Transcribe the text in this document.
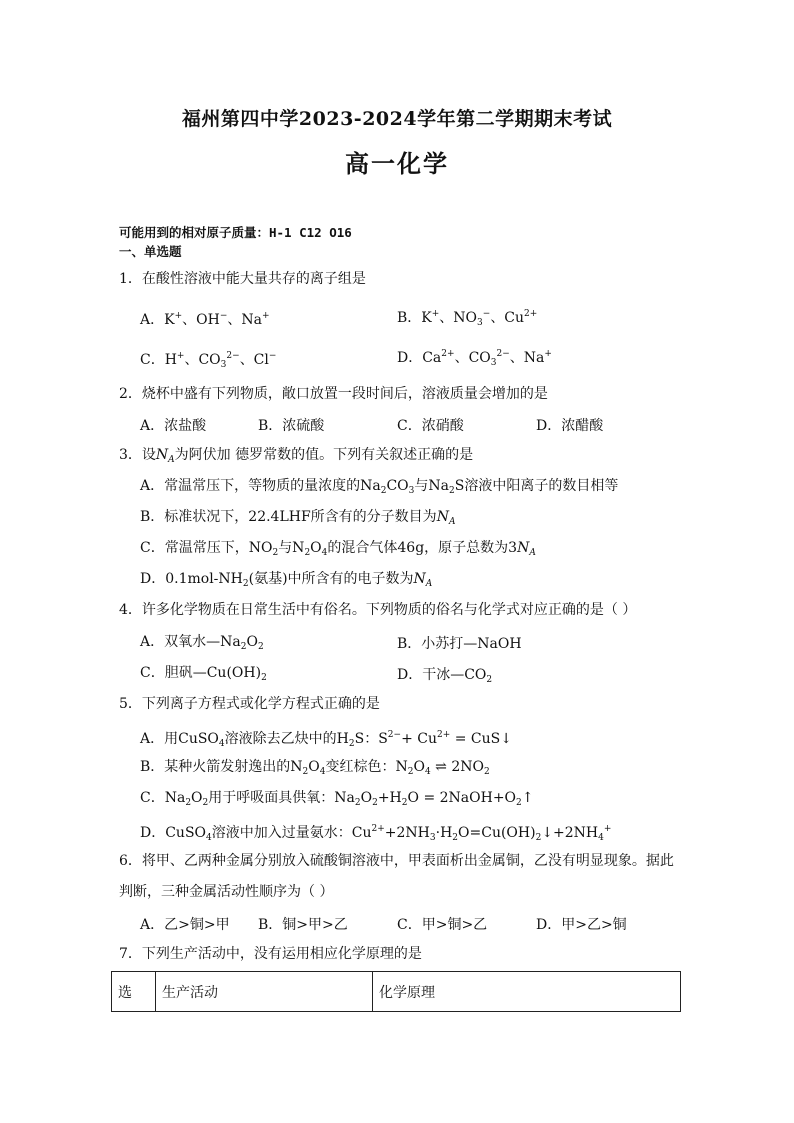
福州第四中学2023-2024学年第二学期期末考试
高一化学
可能用到的相对原子质量：H-1 C12 O16
一、单选题
1．在酸性溶液中能大量共存的离子组是
A．K+、OH−、Na+	B．K+、$NO_3^-$、$Cu^{2+}$
C．H+、$CO_3^{2-}$、Cl−	D．$Ca^{2+}$、$CO_3^{2-}$、Na+
2．烧杯中盛有下列物质，敞口放置一段时间后，溶液质量会增加的是
A．浓盐酸	B．浓硫酸	C．浓硝酸	D．浓醋酸
3．设$N_A$为阿伏加 德罗常数的值。下列有关叙述正确的是
A．常温常压下，等物质的量浓度的$Na_2CO_3$与$Na_2S$溶液中阳离子的数目相等
B．标准状况下，22.4LHF所含有的分子数目为$N_A$
C．常温常压下，$NO_2$与$N_2O_4$的混合气体46g，原子总数为$3N_A$
D．$0.1mol-NH_2$(氨基)中所含有的电子数为$N_A$
4．许多化学物质在日常生活中有俗名。下列物质的俗名与化学式对应正确的是（ ）
A．双氧水$—Na_2O_2$	B．小苏打—NaOH
C．胆矾$—Cu(OH)_2$	D．干冰$—CO_2$
5．下列离子方程式或化学方程式正确的是
A．用CuSO$_4$溶液除去乙炔中的$H_2S$：$S^{2-}+ Cu^{2+}$ = CuS↓
B．某种火箭发射逸出的$N_2O_4$变红棕色：$N_2O_4$ ⇌ $2NO_2$
C．$Na_2O_2$用于呼吸面具供氧：$Na_2O_2+H_2O$ = $2NaOH+O_2↑$
D．CuSO$_4$溶液中加入过量氨水：$Cu^{2+}+2NH_3\cdot H_2O=Cu(OH)_2↓+2NH_4^+$
6．将甲、乙两种金属分别放入硫酸铜溶液中，甲表面析出金属铜，乙没有明显现象。据此
判断，三种金属活动性顺序为（ ）
A．乙>铜>甲 B．铜>甲>乙	C．甲>铜>乙	D．甲>乙>铜
7．下列生产活动中，没有运用相应化学原理的是
选	生产活动	化学原理
